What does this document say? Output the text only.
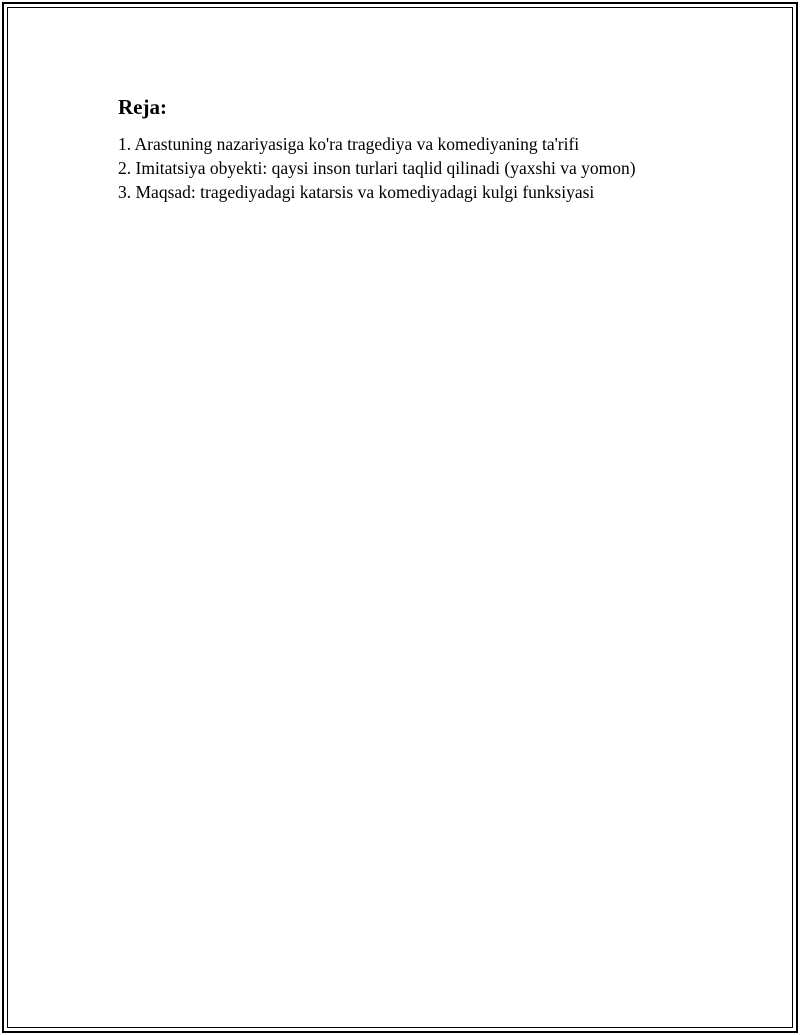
Reja:
1. Arastuning nazariyasiga ko'ra tragediya va komediyaning ta'rifi
2. Imitatsiya obyekti: qaysi inson turlari taqlid qilinadi (yaxshi va yomon)
3. Maqsad: tragediyadagi katarsis va komediyadagi kulgi funksiyasi
